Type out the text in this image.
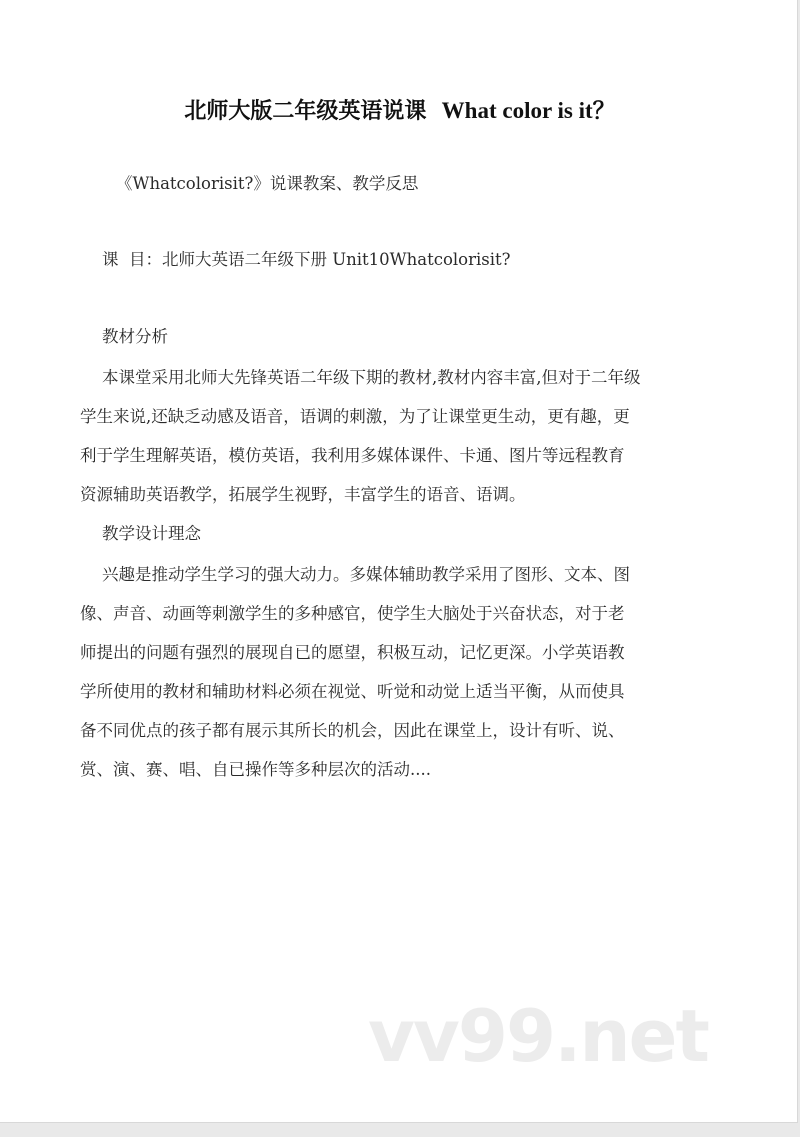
北师大版二年级英语说课 What color is it？
《Whatcolorisit?》说课教案、教学反思
课  目：北师大英语二年级下册 Unit10Whatcolorisit?
教材分析
本课堂采用北师大先锋英语二年级下期的教材,教材内容丰富,但对于二年级
学生来说,还缺乏动感及语音，语调的刺激，为了让课堂更生动，更有趣，更
利于学生理解英语，模仿英语，我利用多媒体课件、卡通、图片等远程教育
资源辅助英语教学，拓展学生视野，丰富学生的语音、语调。
教学设计理念
兴趣是推动学生学习的强大动力。多媒体辅助教学采用了图形、文本、图
像、声音、动画等刺激学生的多种感官，使学生大脑处于兴奋状态，对于老
师提出的问题有强烈的展现自已的愿望，积极互动，记忆更深。小学英语教
学所使用的教材和辅助材料必须在视觉、听觉和动觉上适当平衡，从而使具
备不同优点的孩子都有展示其所长的机会，因此在课堂上，设计有听、说、
赏、演、赛、唱、自已操作等多种层次的活动....
vv99.net
